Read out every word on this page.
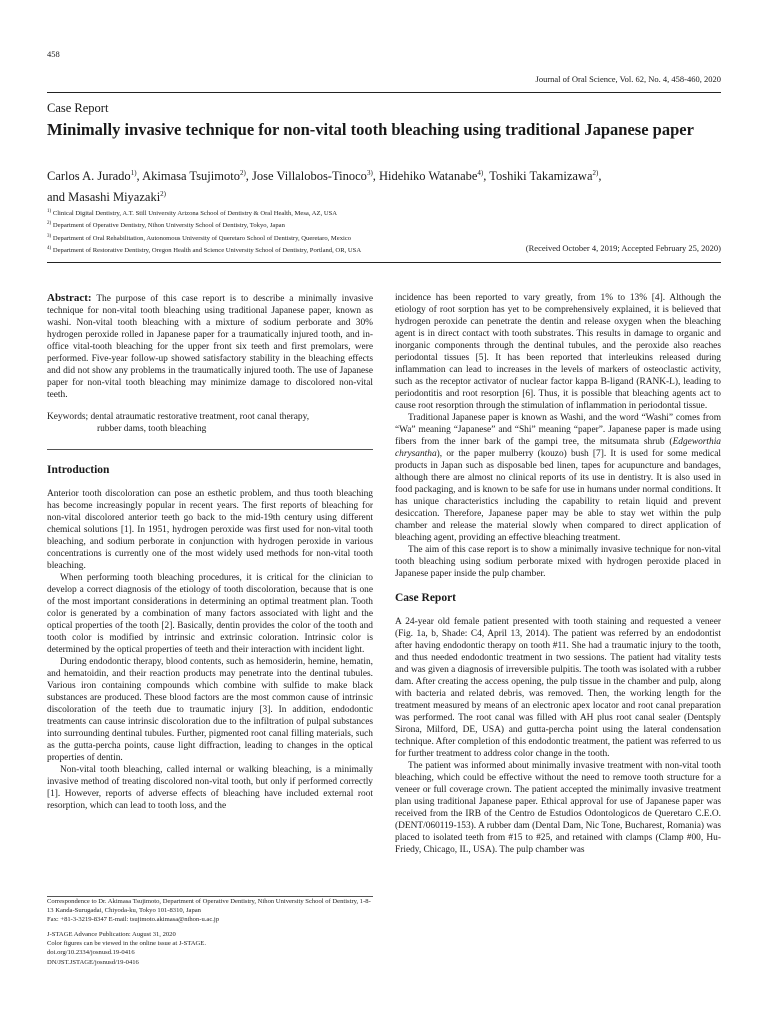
458
Journal of Oral Science, Vol. 62, No. 4, 458-460, 2020
Case Report
Minimally invasive technique for non-vital tooth bleaching using traditional Japanese paper
Carlos A. Jurado$^{1)}$, Akimasa Tsujimoto$^{2)}$, Jose Villalobos-Tinoco$^{3)}$, Hidehiko Watanabe$^{4)}$, Toshiki Takamizawa$^{2)}$,
and Masashi Miyazaki$^{2)}$
$^{1)}$ Clinical Digital Dentistry, A.T. Still University Arizona School of Dentistry & Oral Health, Mesa, AZ, USA
$^{2)}$ Department of Operative Dentistry, Nihon University School of Dentistry, Tokyo, Japan
$^{3)}$ Department of Oral Rehabilitation, Autonomous University of Queretaro School of Dentistry, Queretaro, Mexico
$^{4)}$ Department of Restorative Dentistry, Oregon Health and Science University School of Dentistry, Portland, OR, USA	(Received October 4, 2019; Accepted February 25, 2020)

Abstract: The purpose of this case report is to describe a minimally invasive technique for non-vital tooth bleaching using traditional Japanese paper, known as washi. Non-vital tooth bleaching with a mixture of sodium perborate and 30% hydrogen peroxide rolled in Japanese paper for a traumatically injured tooth, and in-office vital-tooth bleaching for the upper front six teeth and first premolars, were performed. Five-year follow-up showed satisfactory stability in the bleaching effects and did not show any problems in the traumatically injured tooth. The use of Japanese paper for non-vital tooth bleaching may minimize damage to discolored non-vital teeth.

Keywords; dental atraumatic restorative treatment, root canal therapy,
rubber dams, tooth bleaching

Introduction

Anterior tooth discoloration can pose an esthetic problem, and thus tooth bleaching has become increasingly popular in recent years. The first reports of bleaching for non-vital discolored anterior teeth go back to the mid-19th century using different chemical solutions [1]. In 1951, hydrogen peroxide was first used for non-vital tooth bleaching, and sodium perborate in conjunction with hydrogen peroxide in various concentrations is currently one of the most widely used methods for non-vital tooth bleaching.

When performing tooth bleaching procedures, it is critical for the clinician to develop a correct diagnosis of the etiology of tooth discoloration, because that is one of the most important considerations in determining an optimal treatment plan. Tooth color is generated by a combination of many factors associated with light and the optical properties of the tooth [2]. Basically, dentin provides the color of the tooth and tooth color is modified by intrinsic and extrinsic coloration. Intrinsic color is determined by the optical properties of teeth and their interaction with incident light.

During endodontic therapy, blood contents, such as hemosiderin, hemine, hematin, and hematoidin, and their reaction products may penetrate into the dentinal tubules. Various iron containing compounds which combine with sulfide to make black substances are produced. These blood factors are the most common cause of intrinsic discoloration of the teeth due to traumatic injury [3]. In addition, endodontic treatments can cause intrinsic discoloration due to the infiltration of pulpal substances into surrounding dentinal tubules. Further, pigmented root canal filling materials, such as the gutta-percha points, cause light diffraction, leading to changes in the optical properties of dentin.

Non-vital tooth bleaching, called internal or walking bleaching, is a minimally invasive method of treating discolored non-vital tooth, but only if performed correctly [1]. However, reports of adverse effects of bleaching have included external root resorption, which can lead to tooth loss, and the

Correspondence to Dr. Akimasa Tsujimoto, Department of Operative Dentistry, Nihon University School of Dentistry, 1-8-13 Kanda-Surugadai, Chiyoda-ku, Tokyo 101-8310, Japan
Fax: +81-3-3219-8347 E-mail: tsujimoto.akimasa@nihon-u.ac.jp
J-STAGE Advance Publication: August 31, 2020
Color figures can be viewed in the online issue at J-STAGE.
doi.org/10.2334/josnusd.19-0416
DN/JST.JSTAGE/josnusd/19-0416

incidence has been reported to vary greatly, from 1% to 13% [4]. Although the etiology of root sorption has yet to be comprehensively explained, it is believed that hydrogen peroxide can penetrate the dentin and release oxygen when the bleaching agent is in direct contact with tooth substrates. This results in damage to organic and inorganic components through the dentinal tubules, and the peroxide also reaches periodontal tissues [5]. It has been reported that interleukins released during inflammation can lead to increases in the levels of markers of osteoclastic activity, such as the receptor activator of nuclear factor kappa B-ligand (RANK-L), leading to periodontitis and root resorption [6]. Thus, it is possible that bleaching agents act to cause root resorption through the stimulation of inflammation in periodontal tissue.

Traditional Japanese paper is known as Washi, and the word “Washi” comes from “Wa” meaning “Japanese” and “Shi” meaning “paper”. Japanese paper is made using fibers from the inner bark of the gampi tree, the mitsumata shrub (Edgeworthia chrysantha), or the paper mulberry (kouzo) bush [7]. It is used for some medical products in Japan such as disposable bed linen, tapes for acupuncture and bandages, although there are almost no clinical reports of its use in dentistry. It is also used in food packaging, and is known to be safe for use in humans under normal conditions. It has unique characteristics including the capability to retain liquid and prevent desiccation. Therefore, Japanese paper may be able to stay wet within the pulp chamber and release the material slowly when compared to direct application of bleaching agent, providing an effective bleaching treatment.

The aim of this case report is to show a minimally invasive technique for non-vital tooth bleaching using sodium perborate mixed with hydrogen peroxide placed in Japanese paper inside the pulp chamber.

Case Report

A 24-year old female patient presented with tooth staining and requested a veneer (Fig. 1a, b, Shade: C4, April 13, 2014). The patient was referred by an endodontist after having endodontic therapy on tooth #11. She had a traumatic injury to the tooth, and thus needed endodontic treatment in two sessions. The patient had vitality tests and was given a diagnosis of irreversible pulpitis. The tooth was isolated with a rubber dam. After creating the access opening, the pulp tissue in the chamber and pulp, along with bacteria and related debris, was removed. Then, the working length for the treatment measured by means of an electronic apex locator and root canal preparation was performed. The root canal was filled with AH plus root canal sealer (Dentsply Sirona, Milford, DE, USA) and gutta-percha point using the lateral condensation technique. After completion of this endodontic treatment, the patient was referred to us for further treatment to address color change in the tooth.

The patient was informed about minimally invasive treatment with non-vital tooth bleaching, which could be effective without the need to remove tooth structure for a veneer or full coverage crown. The patient accepted the minimally invasive treatment plan using traditional Japanese paper. Ethical approval for use of Japanese paper was received from the IRB of the Centro de Estudios Odontologicos de Queretaro C.E.O. (DENT/060119-153). A rubber dam (Dental Dam, Nic Tone, Bucharest, Romania) was placed to isolated teeth from #15 to #25, and retained with clamps (Clamp #00, Hu-Friedy, Chicago, IL, USA). The pulp chamber was
